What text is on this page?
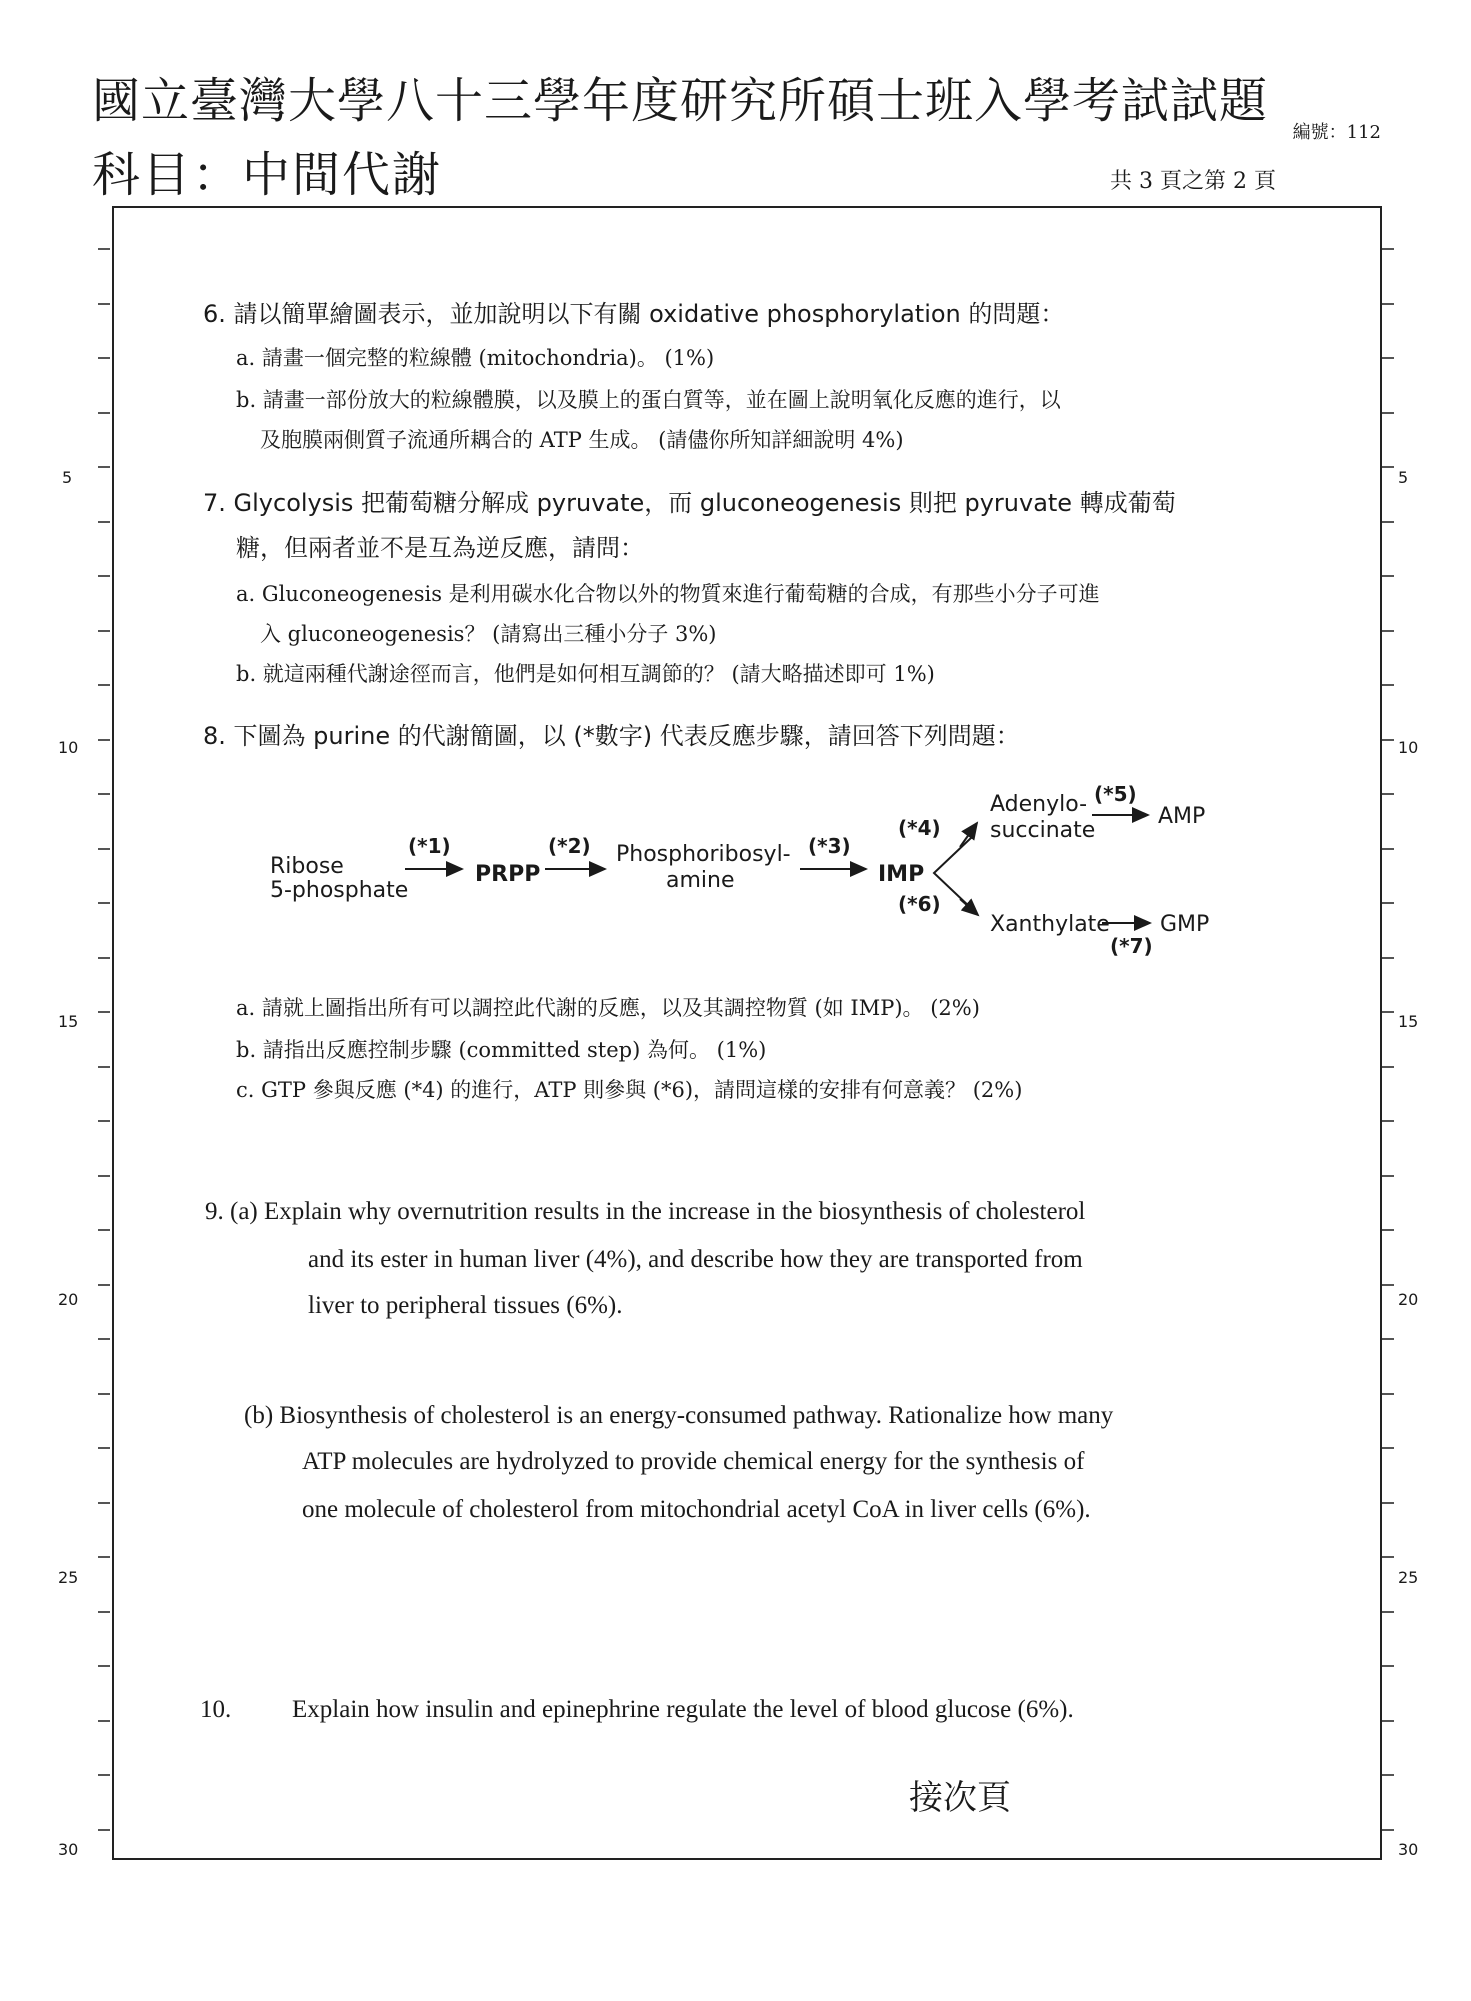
國立臺灣大學八十三學年度研究所碩士班入學考試試題
科目：中間代謝
編號：112
共 3 頁之第 2 頁
5
10
15
20
25
30
5
10
15
20
25
30
6. 請以簡單繪圖表示，並加說明以下有關 oxidative phosphorylation 的問題：
a. 請畫一個完整的粒線體 (mitochondria)。 (1%)
b. 請畫一部份放大的粒線體膜，以及膜上的蛋白質等，並在圖上說明氧化反應的進行，以
及胞膜兩側質子流通所耦合的 ATP 生成。 (請儘你所知詳細說明 4%)
7. Glycolysis 把葡萄糖分解成 pyruvate，而 gluconeogenesis 則把 pyruvate 轉成葡萄
糖，但兩者並不是互為逆反應，請問：
a. Gluconeogenesis 是利用碳水化合物以外的物質來進行葡萄糖的合成，有那些小分子可進
入 gluconeogenesis？ (請寫出三種小分子 3%)
b. 就這兩種代謝途徑而言，他們是如何相互調節的？ (請大略描述即可 1%)
8. 下圖為 purine 的代謝簡圖，以 (*數字) 代表反應步驟，請回答下列問題：
Ribose
5-phosphate
(*1)
PRPP
(*2) Phosphoribosyl-
amine
(*3)
IMP
(*4)
(*6)
Adenylo-
succinate
(*5)
AMP
Xanthylate GMP
(*7)
a. 請就上圖指出所有可以調控此代謝的反應，以及其調控物質 (如 IMP)。 (2%)
b. 請指出反應控制步驟 (committed step) 為何。 (1%)
c. GTP 參與反應 (*4) 的進行，ATP 則參與 (*6)，請問這樣的安排有何意義？ (2%)
9. (a) Explain why overnutrition results in the increase in the biosynthesis of cholesterol
and its ester in human liver (4%), and describe how they are transported from
liver to peripheral tissues (6%).
(b) Biosynthesis of cholesterol is an energy-consumed pathway. Rationalize how many
ATP molecules are hydrolyzed to provide chemical energy for the synthesis of
one molecule of cholesterol from mitochondrial acetyl CoA in liver cells (6%).
10. Explain how insulin and epinephrine regulate the level of blood glucose (6%).
接次頁
